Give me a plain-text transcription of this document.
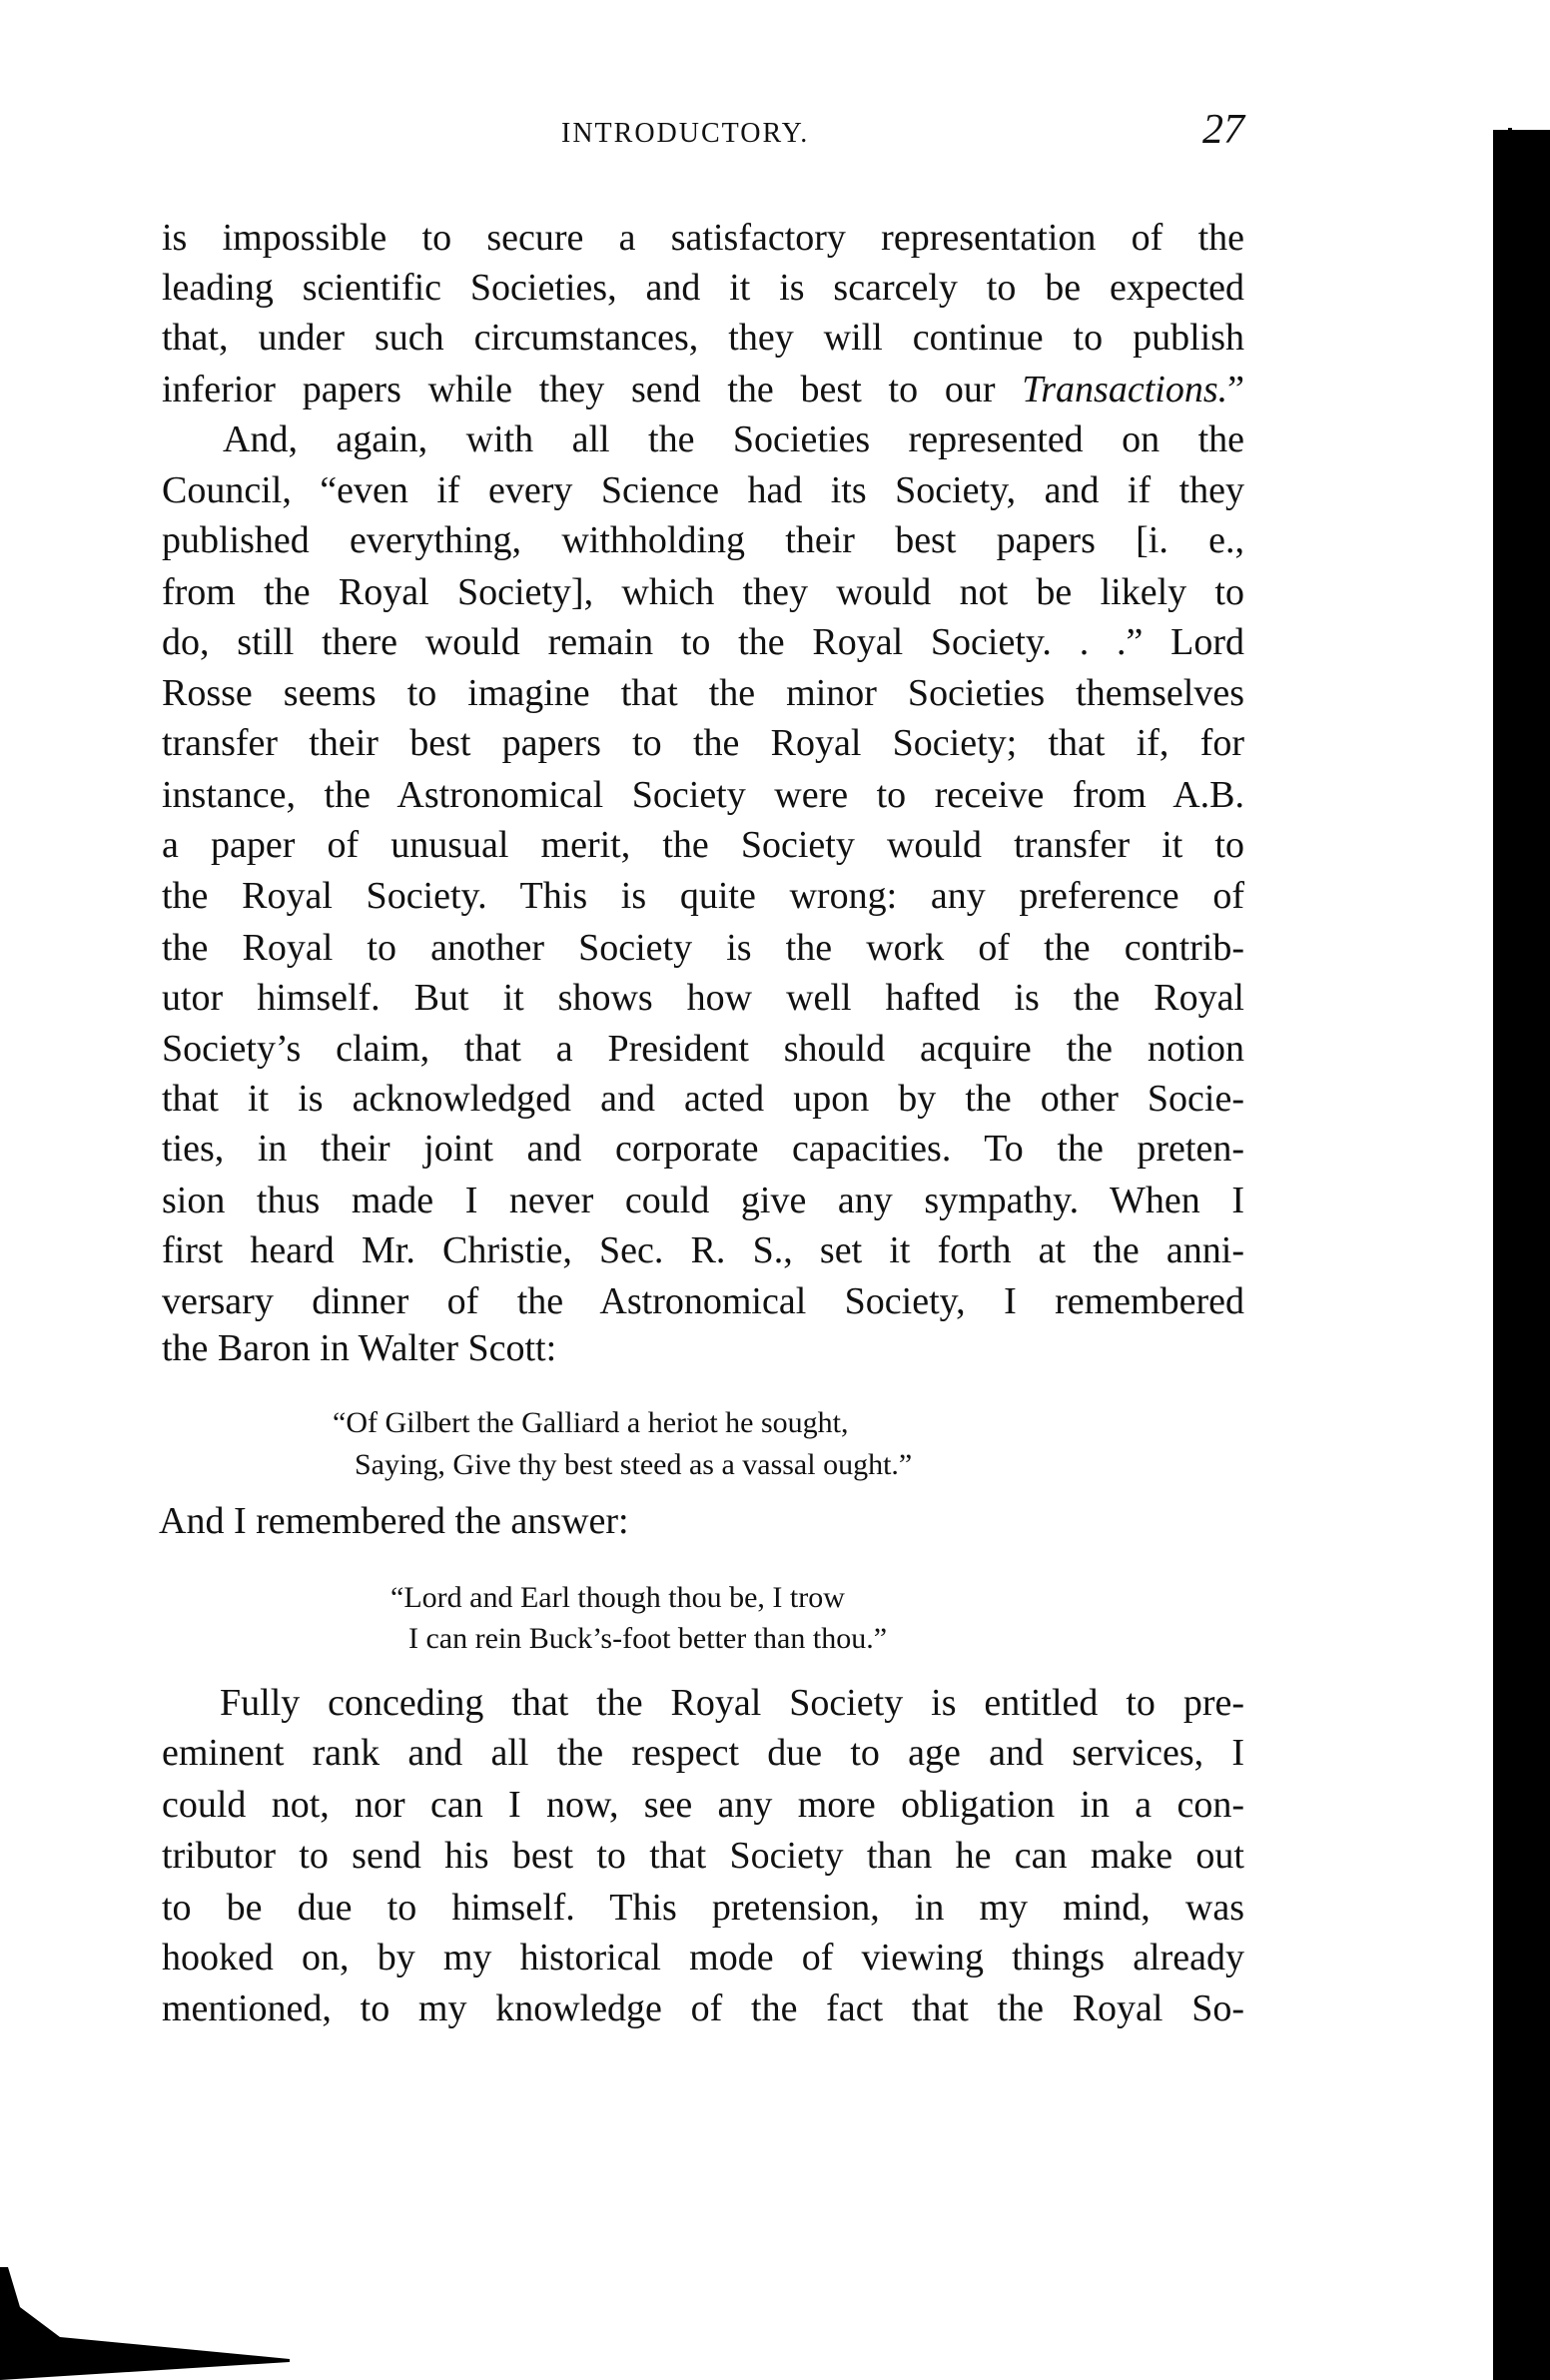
INTRODUCTORY.	27
is impossible to secure a satisfactory representation of the
leading scientific Societies, and it is scarcely to be expected
that, under such circumstances, they will continue to publish
inferior papers while they send the best to our Transactions.”
And, again, with all the Societies represented on the
Council, “even if every Science had its Society, and if they
published everything, withholding their best papers [i. e.,
from the Royal Society], which they would not be likely to
do, still there would remain to the Royal Society. . .” Lord
Rosse seems to imagine that the minor Societies themselves
transfer their best papers to the Royal Society; that if, for
instance, the Astronomical Society were to receive from A.B.
a paper of unusual merit, the Society would transfer it to
the Royal Society. This is quite wrong: any preference of
the Royal to another Society is the work of the contrib-
utor himself. But it shows how well hafted is the Royal
Society’s claim, that a President should acquire the notion
that it is acknowledged and acted upon by the other Socie-
ties, in their joint and corporate capacities. To the preten-
sion thus made I never could give any sympathy. When I
first heard Mr. Christie, Sec. R. S., set it forth at the anni-
versary dinner of the Astronomical Society, I remembered
the Baron in Walter Scott:
“Of Gilbert the Galliard a heriot he sought,
Saying, Give thy best steed as a vassal ought.”
And I remembered the answer:
“Lord and Earl though thou be, I trow
I can rein Buck’s-foot better than thou.”
Fully conceding that the Royal Society is entitled to pre-
eminent rank and all the respect due to age and services, I
could not, nor can I now, see any more obligation in a con-
tributor to send his best to that Society than he can make out
to be due to himself. This pretension, in my mind, was
hooked on, by my historical mode of viewing things already
mentioned, to my knowledge of the fact that the Royal So-
